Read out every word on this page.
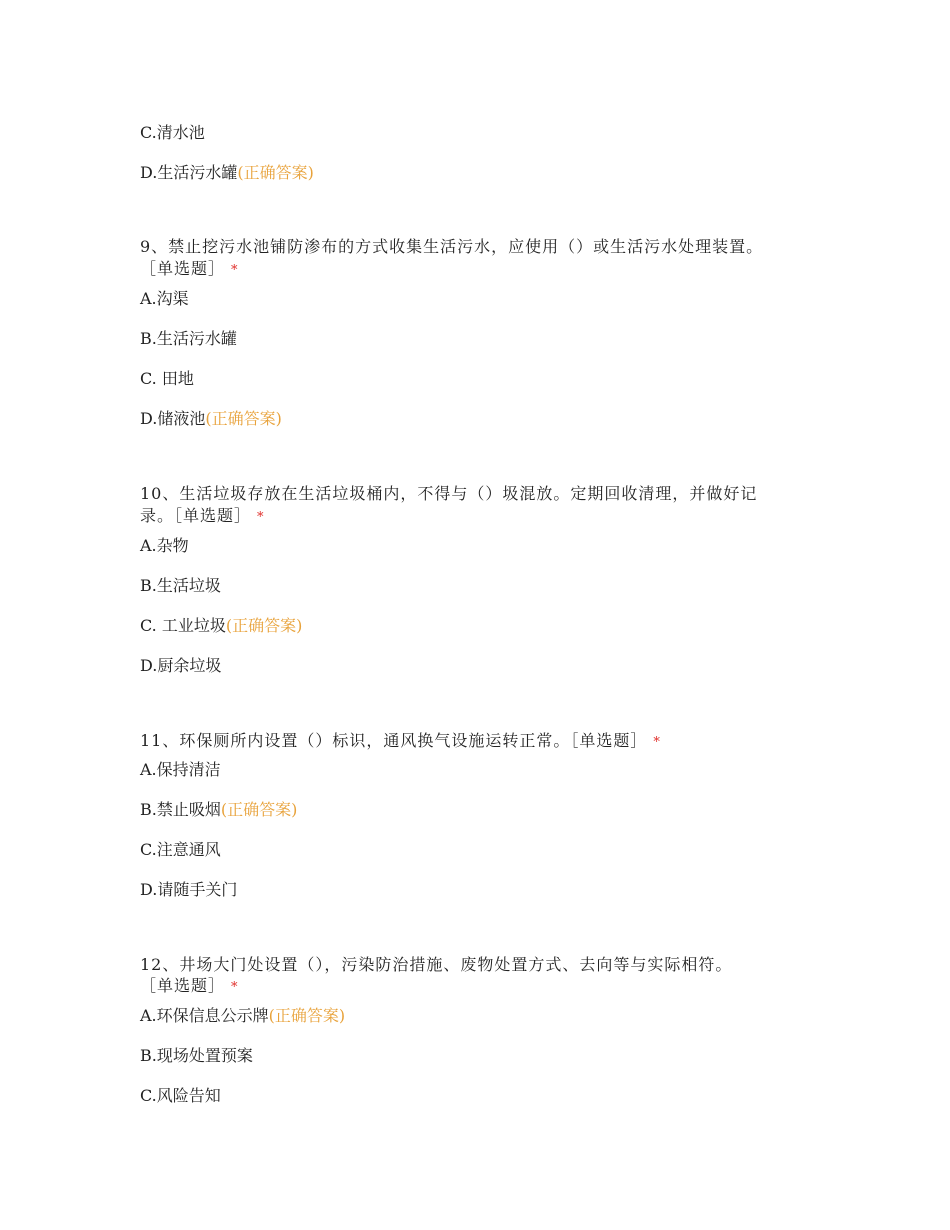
C.清水池
D.生活污水罐(正确答案)
9、禁止挖污水池铺防渗布的方式收集生活污水，应使用（）或生活污水处理装置。
［单选题］ *
A.沟渠
B.生活污水罐
C. 田地
D.储液池(正确答案)
10、生活垃圾存放在生活垃圾桶内，不得与（）圾混放。定期回收清理，并做好记
录。［单选题］ *
A.杂物
B.生活垃圾
C. 工业垃圾(正确答案)
D.厨余垃圾
11、环保厕所内设置（）标识，通风换气设施运转正常。［单选题］ *
A.保持清洁
B.禁止吸烟(正确答案)
C.注意通风
D.请随手关门
12、井场大门处设置（），污染防治措施、废物处置方式、去向等与实际相符。
［单选题］ *
A.环保信息公示牌(正确答案)
B.现场处置预案
C.风险告知
